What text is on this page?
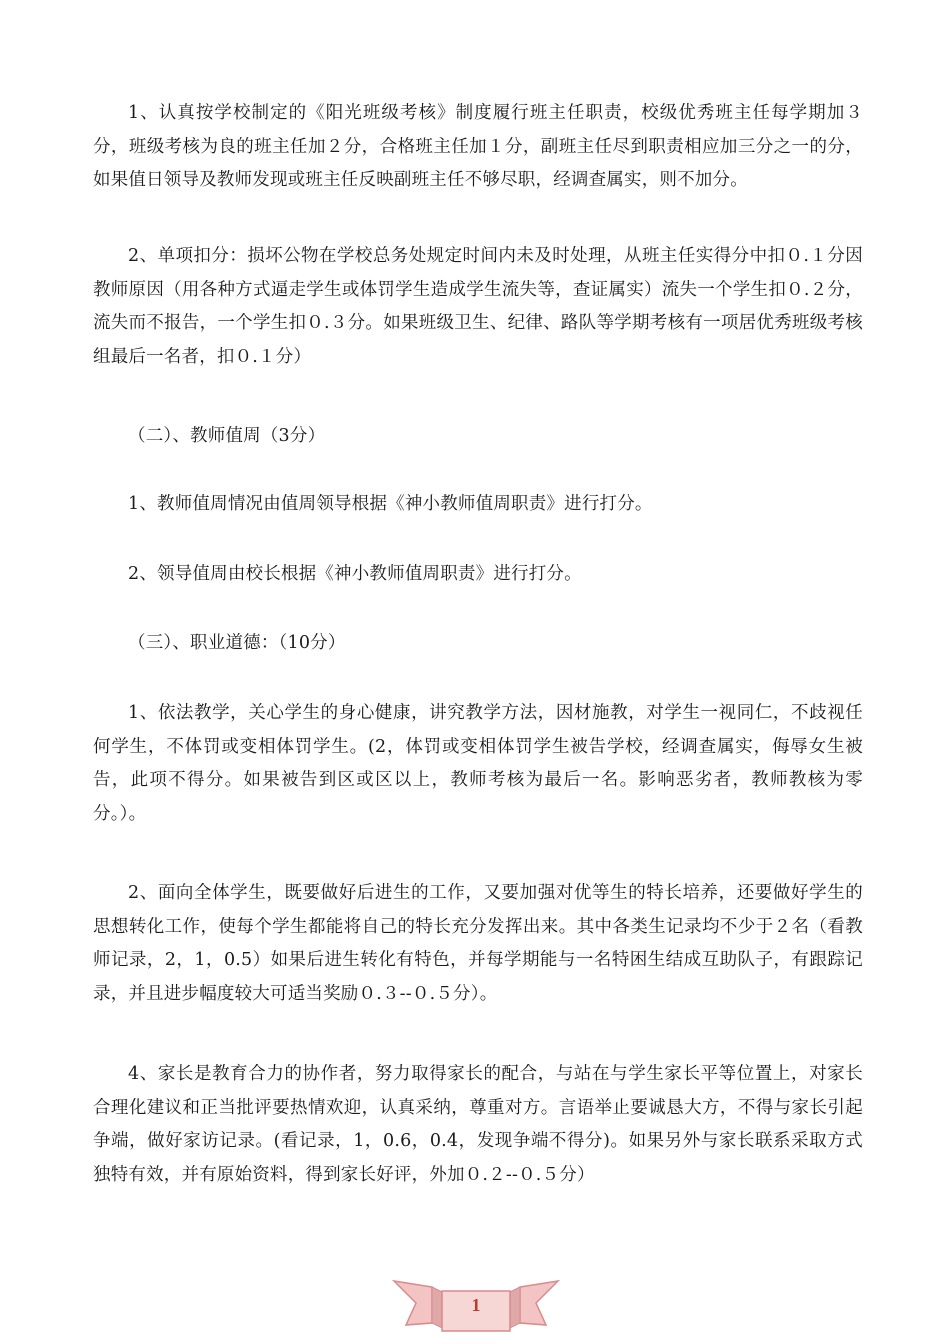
1、认真按学校制定的《阳光班级考核》制度履行班主任职责，校级优秀班主任每学期加３分，班级考核为良的班主任加２分，合格班主任加１分，副班主任尽到职责相应加三分之一的分，如果值日领导及教师发现或班主任反映副班主任不够尽职，经调查属实，则不加分。

2、单项扣分：损坏公物在学校总务处规定时间内未及时处理，从班主任实得分中扣０.１分因教师原因（用各种方式逼走学生或体罚学生造成学生流失等，查证属实）流失一个学生扣０.２分，流失而不报告，一个学生扣０.３分。如果班级卫生、纪律、路队等学期考核有一项居优秀班级考核组最后一名者，扣０.１分）

（二）、教师值周（3分）

1、教师值周情况由值周领导根据《神小教师值周职责》进行打分。

2、领导值周由校长根据《神小教师值周职责》进行打分。

（三）、职业道德：（10分）

1、依法教学，关心学生的身心健康，讲究教学方法，因材施教，对学生一视同仁，不歧视任何学生，不体罚或变相体罚学生。(2，体罚或变相体罚学生被告学校，经调查属实，侮辱女生被告，此项不得分。如果被告到区或区以上，教师考核为最后一名。影响恶劣者，教师教核为零分。）。

2、面向全体学生，既要做好后进生的工作，又要加强对优等生的特长培养，还要做好学生的思想转化工作，使每个学生都能将自己的特长充分发挥出来。其中各类生记录均不少于２名（看教师记录，2，1，0.5）如果后进生转化有特色，并每学期能与一名特困生结成互助队子，有跟踪记录，并且进步幅度较大可适当奖励０.３--０.５分）。

4、家长是教育合力的协作者，努力取得家长的配合，与站在与学生家长平等位置上，对家长合理化建议和正当批评要热情欢迎，认真采纳，尊重对方。言语举止要诚恳大方，不得与家长引起争端，做好家访记录。(看记录，1，0.6，0.4，发现争端不得分)。如果另外与家长联系采取方式独特有效，并有原始资料，得到家长好评，外加０.２--０.５分）

1
